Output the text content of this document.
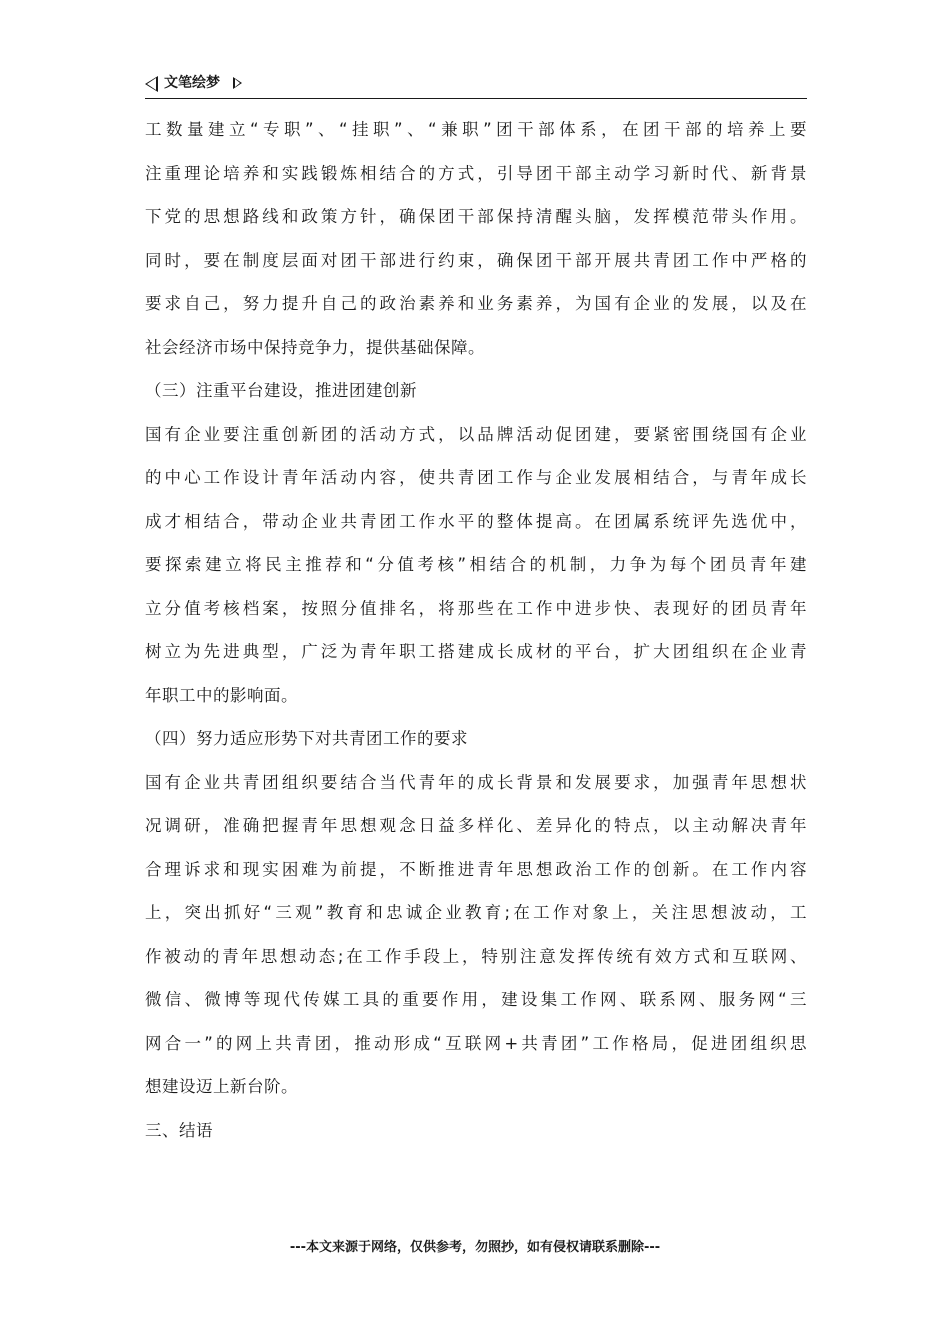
文笔绘梦
工数量建立“专职”、“挂职”、“兼职”团干部体系，在团干部的培养上要
注重理论培养和实践锻炼相结合的方式，引导团干部主动学习新时代、新背景
下党的思想路线和政策方针，确保团干部保持清醒头脑，发挥模范带头作用。
同时，要在制度层面对团干部进行约束，确保团干部开展共青团工作中严格的
要求自己，努力提升自己的政治素养和业务素养，为国有企业的发展，以及在
社会经济市场中保持竞争力，提供基础保障。
（三）注重平台建设，推进团建创新
国有企业要注重创新团的活动方式，以品牌活动促团建，要紧密围绕国有企业
的中心工作设计青年活动内容，使共青团工作与企业发展相结合，与青年成长
成才相结合，带动企业共青团工作水平的整体提高。在团属系统评先选优中，
要探索建立将民主推荐和“分值考核”相结合的机制，力争为每个团员青年建
立分值考核档案，按照分值排名，将那些在工作中进步快、表现好的团员青年
树立为先进典型，广泛为青年职工搭建成长成材的平台，扩大团组织在企业青
年职工中的影响面。
（四）努力适应形势下对共青团工作的要求
国有企业共青团组织要结合当代青年的成长背景和发展要求，加强青年思想状
况调研，准确把握青年思想观念日益多样化、差异化的特点，以主动解决青年
合理诉求和现实困难为前提，不断推进青年思想政治工作的创新。在工作内容
上，突出抓好“三观”教育和忠诚企业教育;在工作对象上，关注思想波动，工
作被动的青年思想动态;在工作手段上，特别注意发挥传统有效方式和互联网、
微信、微博等现代传媒工具的重要作用，建设集工作网、联系网、服务网“三
网合一”的网上共青团，推动形成“互联网+共青团”工作格局，促进团组织思
想建设迈上新台阶。
三、结语
---本文来源于网络，仅供参考，勿照抄，如有侵权请联系删除---
